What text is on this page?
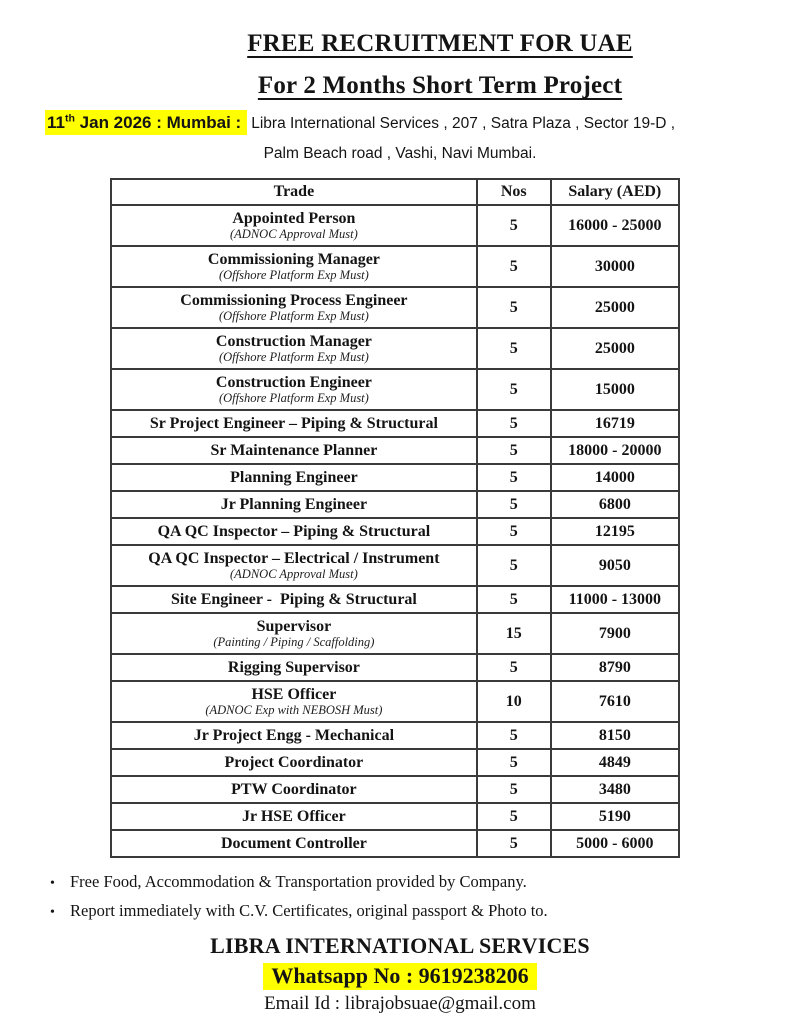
FREE RECRUITMENT FOR UAE
For 2 Months Short Term Project
11th Jan 2026 : Mumbai : Libra International Services , 207 , Satra Plaza , Sector 19-D ,
Palm Beach road , Vashi, Navi Mumbai.
Trade	Nos	Salary (AED)

Appointed Person
(ADNOC Approval Must)	5	16000 - 25000

Commissioning Manager
(Offshore Platform Exp Must)	5	30000

Commissioning Process Engineer
(Offshore Platform Exp Must)	5	25000

Construction Manager
(Offshore Platform Exp Must)	5	25000

Construction Engineer
(Offshore Platform Exp Must)	5	15000

Sr Project Engineer – Piping & Structural	5	16719

Sr Maintenance Planner	5	18000 - 20000

Planning Engineer	5	14000

Jr Planning Engineer	5	6800

QA QC Inspector – Piping & Structural	5	12195

QA QC Inspector – Electrical / Instrument
(ADNOC Approval Must)	5	9050

Site Engineer -  Piping & Structural	5	11000 - 13000

Supervisor
(Painting / Piping / Scaffolding)	15	7900

Rigging Supervisor	5	8790

HSE Officer
(ADNOC Exp with NEBOSH Must)	10	7610

Jr Project Engg - Mechanical	5	8150

Project Coordinator	5	4849

PTW Coordinator	5	3480

Jr HSE Officer	5	5190

Document Controller	5	5000 - 6000
• Free Food, Accommodation & Transportation provided by Company.
• Report immediately with C.V. Certificates, original passport & Photo to.
LIBRA INTERNATIONAL SERVICES
Whatsapp No : 9619238206
Email Id : librajobsuae@gmail.com
